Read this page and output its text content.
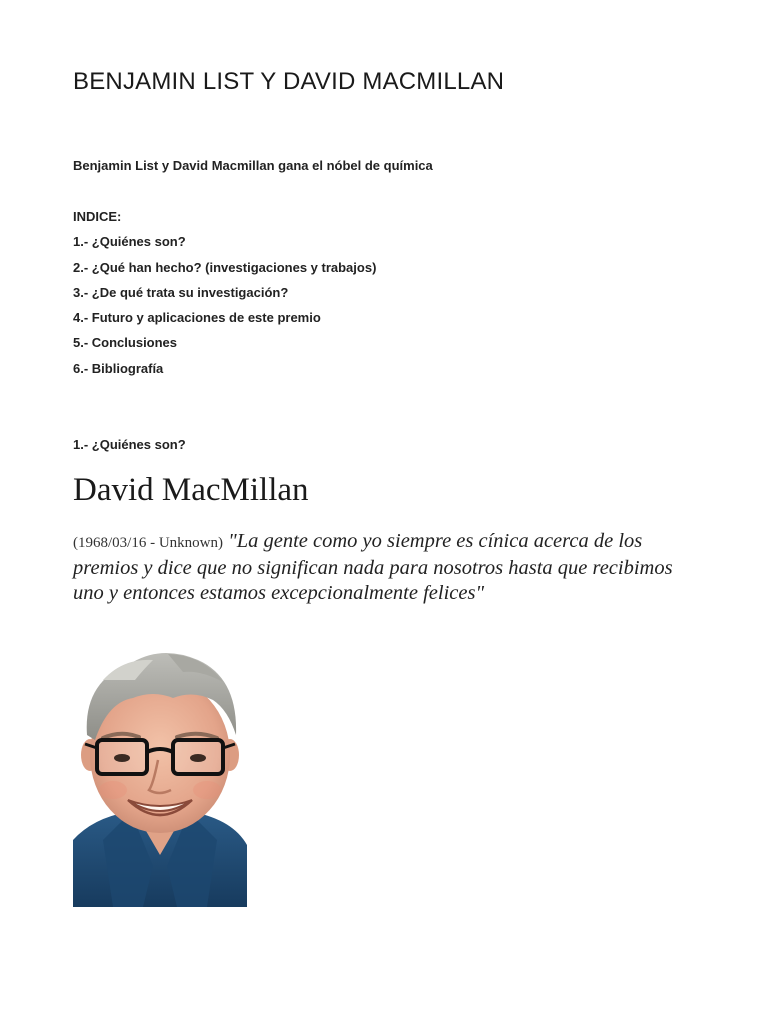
BENJAMIN LIST Y DAVID MACMILLAN
Benjamin List y David Macmillan gana el nóbel de química
INDICE:
1.- ¿Quiénes son?
2.- ¿Qué han hecho? (investigaciones y trabajos)
3.- ¿De qué trata su investigación?
4.- Futuro y aplicaciones de este premio
5.- Conclusiones
6.- Bibliografía
1.- ¿Quiénes son?
David MacMillan
(1968/03/16 - Unknown) "La gente como yo siempre es cínica acerca de los premios y dice que no significan nada para nosotros hasta que recibimos uno y entonces estamos excepcionalmente felices"
